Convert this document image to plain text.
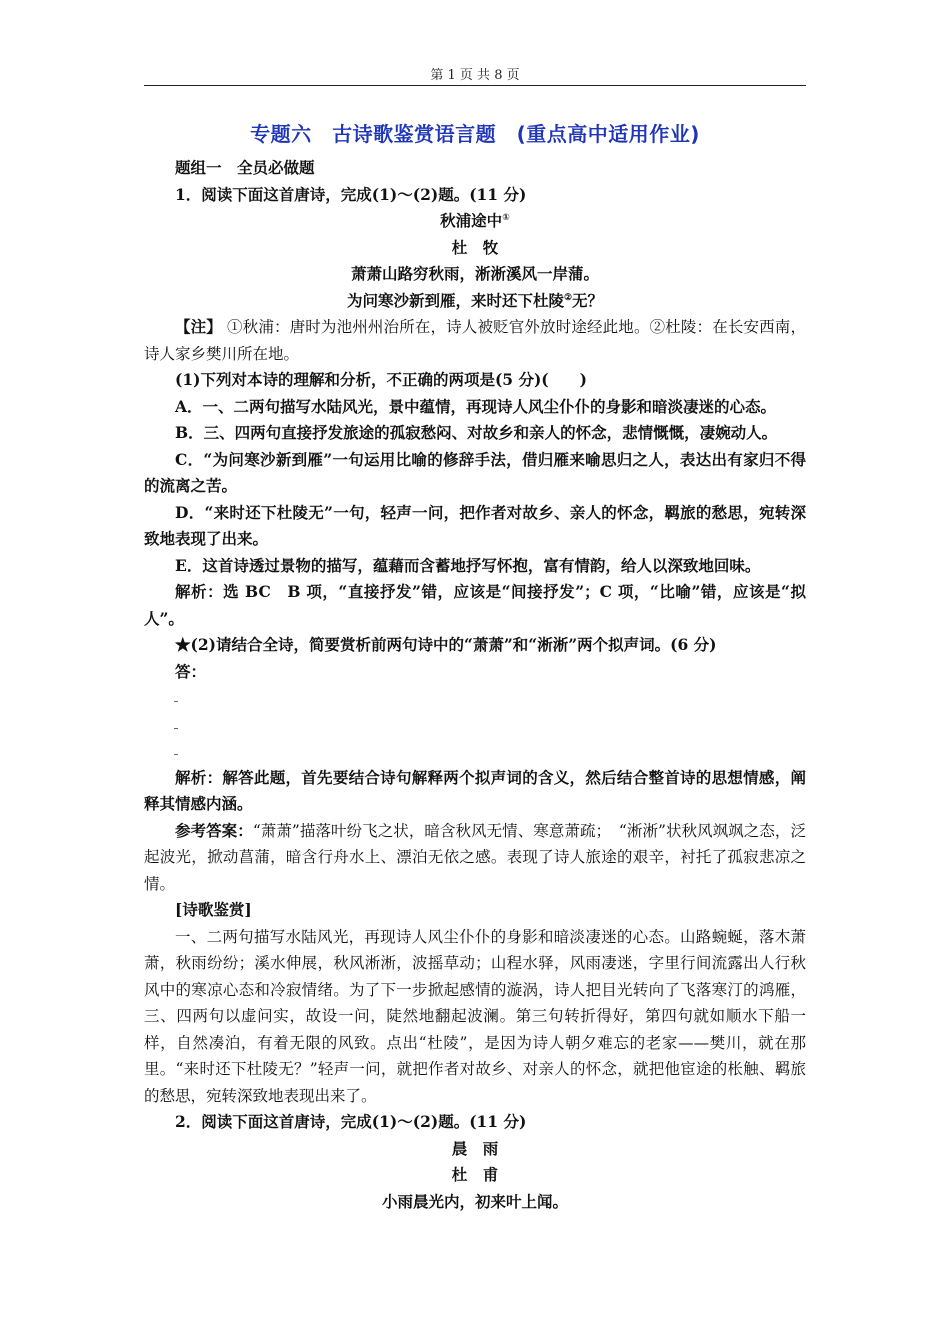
第 1 页 共 8 页
专题六　古诗歌鉴赏语言题　(重点高中适用作业)

题组一　全员必做题

1．阅读下面这首唐诗，完成(1)～(2)题。(11 分)

秋浦途中①

杜　牧

萧萧山路穷秋雨，淅淅溪风一岸蒲。

为问寒沙新到雁，来时还下杜陵②无？

【注】 ①秋浦：唐时为池州州治所在，诗人被贬官外放时途经此地。②杜陵：在长安西南，诗人家乡樊川所在地。

(1)下列对本诗的理解和分析，不正确的两项是(5 分)(　　)

A．一、二两句描写水陆风光，景中蕴情，再现诗人风尘仆仆的身影和暗淡凄迷的心态。

B．三、四两句直接抒发旅途的孤寂愁闷、对故乡和亲人的怀念，悲情慨慨，凄婉动人。

C．“为问寒沙新到雁”一句运用比喻的修辞手法，借归雁来喻思归之人，表达出有家归不得的流离之苦。

D．“来时还下杜陵无”一句，轻声一问，把作者对故乡、亲人的怀念，羁旅的愁思，宛转深致地表现了出来。

E．这首诗透过景物的描写，蕴藉而含蓄地抒写怀抱，富有情韵，给人以深致地回味。

解析：选 BC　B 项，“直接抒发”错，应该是“间接抒发”；C 项，“比喻”错，应该是“拟人”。

★(2)请结合全诗，简要赏析前两句诗中的“萧萧”和“淅淅”两个拟声词。(6 分)

答：

解析：解答此题，首先要结合诗句解释两个拟声词的含义，然后结合整首诗的思想情感，阐释其情感内涵。

参考答案：“萧萧”描落叶纷飞之状，暗含秋风无情、寒意萧疏；　“淅淅”状秋风飒飒之态，泛起波光，掀动菖蒲，暗含行舟水上、漂泊无依之感。表现了诗人旅途的艰辛，衬托了孤寂悲凉之情。

[诗歌鉴赏]

一、二两句描写水陆风光，再现诗人风尘仆仆的身影和暗淡凄迷的心态。山路蜿蜒，落木萧萧，秋雨纷纷；溪水伸展，秋风淅淅，波摇草动；山程水驿，风雨凄迷，字里行间流露出人行秋风中的寒凉心态和冷寂情绪。为了下一步掀起感情的漩涡，诗人把目光转向了飞落寒汀的鸿雁，三、四两句以虚问实，故设一问，陡然地翻起波澜。第三句转折得好，第四句就如顺水下船一样，自然凑泊，有着无限的风致。点出“杜陵”，是因为诗人朝夕难忘的老家——樊川，就在那里。“来时还下杜陵无？”轻声一问，就把作者对故乡、对亲人的怀念，就把他宦途的枨触、羁旅的愁思，宛转深致地表现出来了。

2．阅读下面这首唐诗，完成(1)～(2)题。(11 分)

晨　雨

杜　甫

小雨晨光内，初来叶上闻。
